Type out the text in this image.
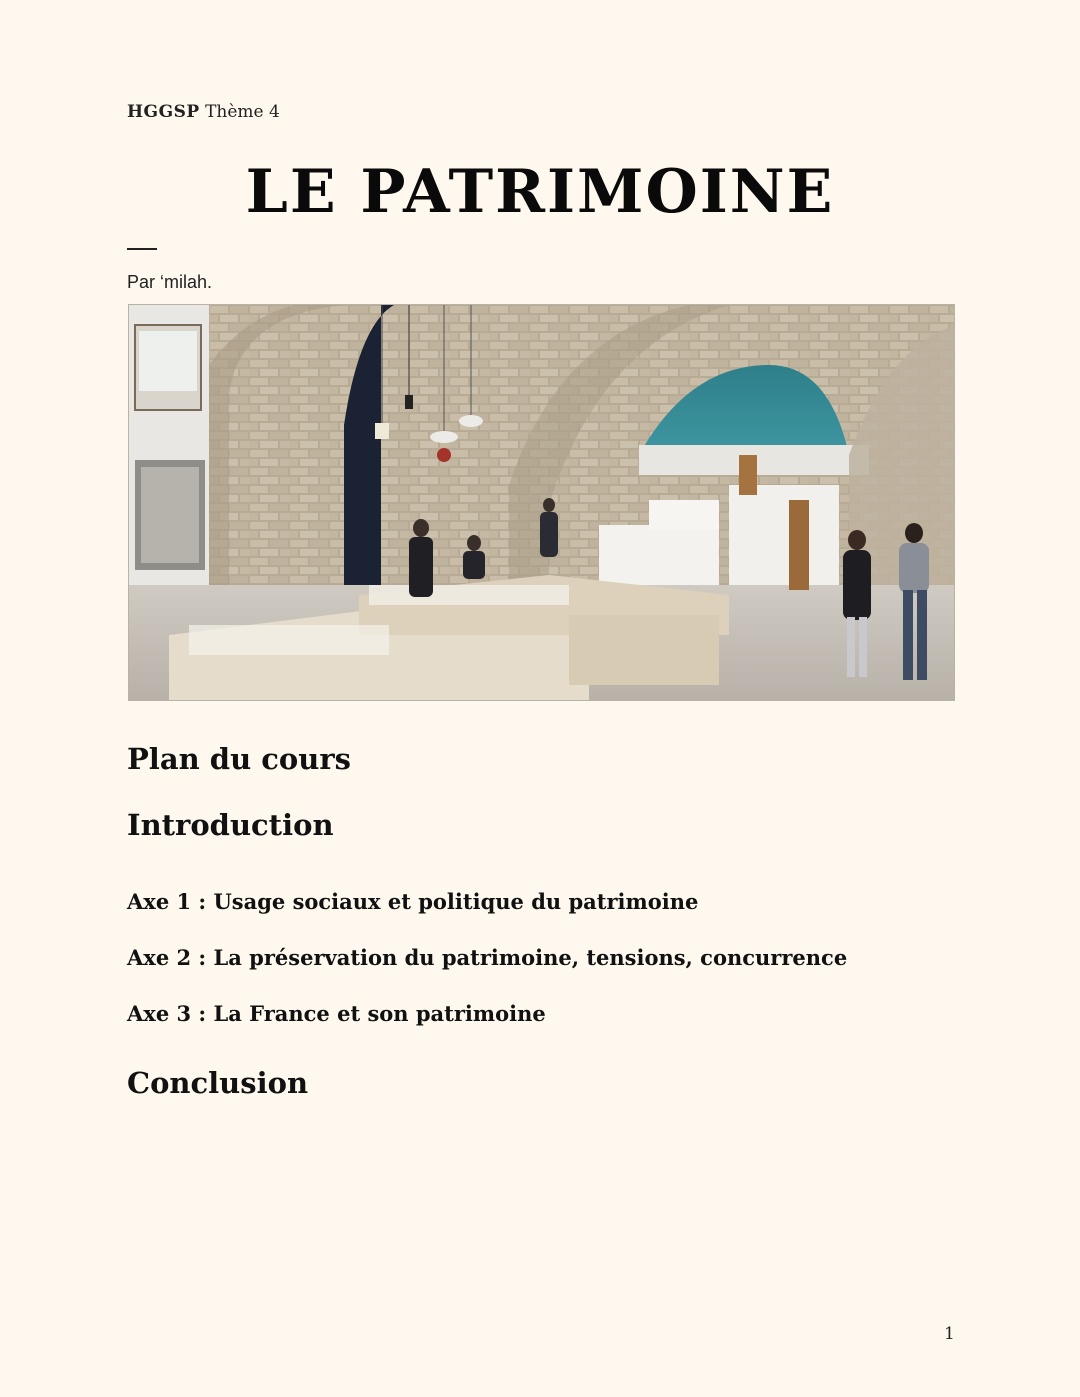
HGGSP Thème 4
LE PATRIMOINE
Par ‘milah.
Plan du cours
Introduction

Axe 1 : Usage sociaux et politique du patrimoine

Axe 2 : La préservation du patrimoine, tensions, concurrence

Axe 3 : La France et son patrimoine

Conclusion
1
